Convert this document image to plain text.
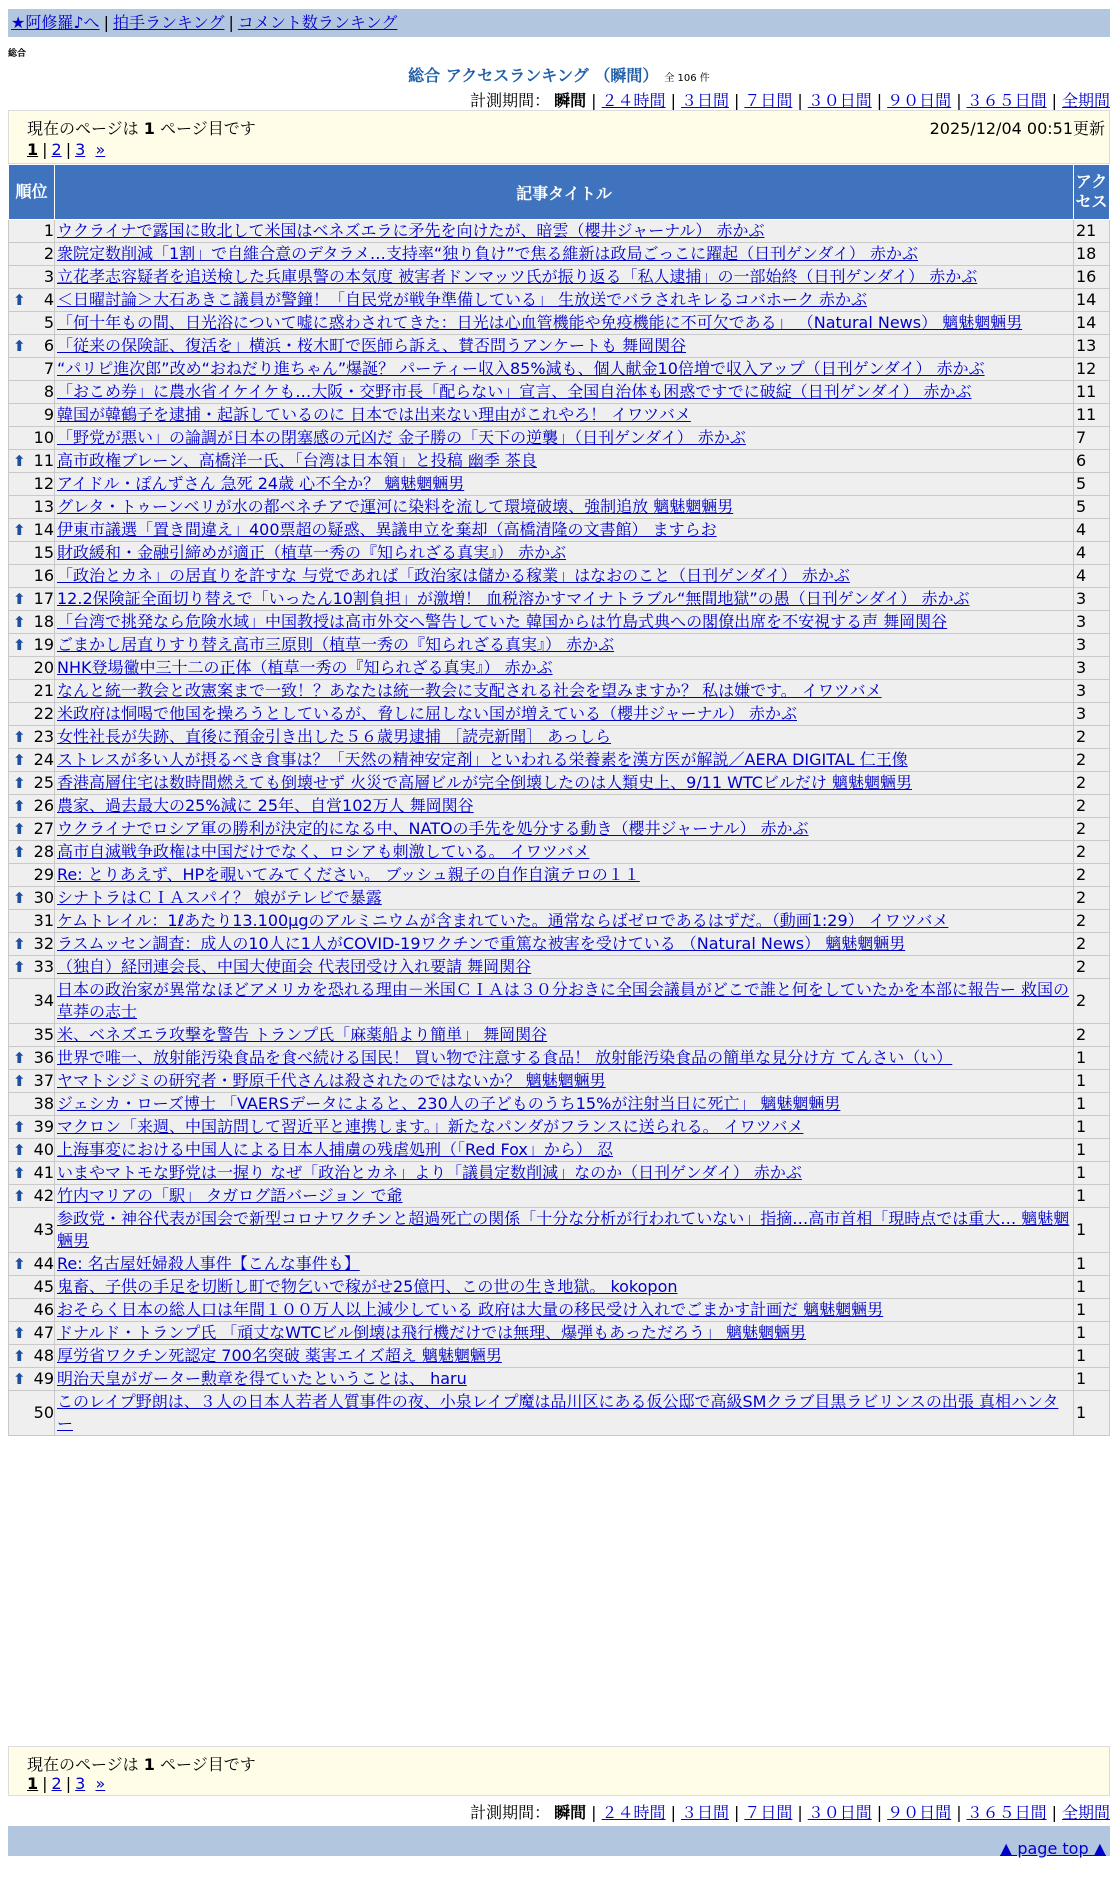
★阿修羅♪へ | 拍手ランキング | コメント数ランキング
総合
総合 アクセスランキング （瞬間） 全 106 件
計測期間： 瞬間 | ２４時間 | ３日間 | ７日間 | ３０日間 | ９０日間 | ３６５日間 | 全期間
現在のページは 1 ページ目です	2025/12/04 00:51更新
1 | 2 | 3 »
順位	記事タイトル	アクセス
1	ウクライナで露国に敗北して米国はベネズエラに矛先を向けたが、暗雲（櫻井ジャーナル） 赤かぶ	21
2	衆院定数削減「1割」で自維合意のデタラメ…支持率“独り負け”で焦る維新は政局ごっこに躍起（日刊ゲンダイ） 赤かぶ	18
3	立花孝志容疑者を追送検した兵庫県警の本気度 被害者ドンマッツ氏が振り返る「私人逮捕」の一部始終（日刊ゲンダイ） 赤かぶ	16

⬆ 4	＜日曜討論＞大石あきこ議員が警鐘！「自民党が戦争準備している」 生放送でバラされキレるコバホーク 赤かぶ	14
5	「何十年もの間、日光浴について嘘に惑わされてきた：日光は心血管機能や免疫機能に不可欠である」 （Natural News） 魑魅魍魎男	14

⬆ 6	「従来の保険証、復活を」横浜・桜木町で医師ら訴え、賛否問うアンケートも 舞岡関谷	13
7	“パリピ進次郎”改め“おねだり進ちゃん”爆誕？ パーティー収入85%減も、個人献金10倍増で収入アップ（日刊ゲンダイ） 赤かぶ	12
8	「おこめ券」に農水省イケイケも…大阪・交野市長「配らない」宣言、全国自治体も困惑ですでに破綻（日刊ゲンダイ） 赤かぶ	11
9	韓国が韓鶴子を逮捕・起訴しているのに 日本では出来ない理由がこれやろ！ イワツバメ	11
10	「野党が悪い」の論調が日本の閉塞感の元凶だ 金子勝の「天下の逆襲」（日刊ゲンダイ） 赤かぶ	7

⬆ 11	高市政権ブレーン、高橋洋一氏、「台湾は日本領」と投稿 幽季 茶良	6
12	アイドル・ぽんずさん 急死 24歳 心不全か？ 魑魅魍魎男	5
13	グレタ・トゥーンベリが水の都ベネチアで運河に染料を流して環境破壊、強制追放 魑魅魍魎男	5

⬆ 14	伊東市議選「置き間違え」400票超の疑惑、異議申立を棄却（高橋清隆の文書館） ますらお	4
15	財政緩和・金融引締めが適正（植草一秀の『知られざる真実』） 赤かぶ	4
16	「政治とカネ」の居直りを許すな 与党であれば「政治家は儲かる稼業」はなおのこと（日刊ゲンダイ） 赤かぶ	4

⬆ 17	12.2保険証全面切り替えで「いったん10割負担」が激増！ 血税溶かすマイナトラブル“無間地獄”の愚（日刊ゲンダイ） 赤かぶ	3

⬆ 18	「台湾で挑発なら危険水域」中国教授は高市外交へ警告していた 韓国からは竹島式典への閣僚出席を不安視する声 舞岡関谷	3

⬆ 19	ごまかし居直りすり替え高市三原則（植草一秀の『知られざる真実』） 赤かぶ	3
20	NHK登場黴中三十二の正体（植草一秀の『知られざる真実』） 赤かぶ	3
21	なんと統一教会と改憲案まで一致！？あなたは統一教会に支配される社会を望みますか？ 私は嫌です。 イワツバメ	3
22	米政府は恫喝で他国を操ろうとしているが、脅しに屈しない国が増えている（櫻井ジャーナル） 赤かぶ	3

⬆ 23	女性社長が失跡、直後に預金引き出した５６歳男逮捕 ［読売新聞］ あっしら	2

⬆ 24	ストレスが多い人が摂るべき食事は？「天然の精神安定剤」といわれる栄養素を漢方医が解説／AERA DIGITAL 仁王像	2

⬆ 25	香港高層住宅は数時間燃えても倒壊せず 火災で高層ビルが完全倒壊したのは人類史上、9/11 WTCビルだけ 魑魅魍魎男	2

⬆ 26	農家、過去最大の25%減に 25年、自営102万人 舞岡関谷	2

⬆ 27	ウクライナでロシア軍の勝利が決定的になる中、NATOの手先を処分する動き（櫻井ジャーナル） 赤かぶ	2

⬆ 28	高市自滅戦争政権は中国だけでなく、ロシアも刺激している。 イワツバメ	2
29	Re: とりあえず、HPを覗いてみてください。 ブッシュ親子の自作自演テロの１１	2

⬆ 30	シナトラはＣＩＡスパイ？ 娘がテレビで暴露	2
31	ケムトレイル：1ℓあたり13.100μgのアルミニウムが含まれていた。通常ならばゼロであるはずだ。（動画1:29） イワツバメ	2

⬆ 32	ラスムッセン調査：成人の10人に1人がCOVID-19ワクチンで重篤な被害を受けている （Natural News） 魑魅魍魎男	2

⬆ 33	（独自）経団連会長、中国大使面会 代表団受け入れ要請 舞岡関谷	2
34	日本の政治家が異常なほどアメリカを恐れる理由－米国ＣＩＡは３０分おきに全国会議員がどこで誰と何をしていたかを本部に報告ー 救国の草莽の志士	2
35	米、ベネズエラ攻撃を警告 トランプ氏「麻薬船より簡単」 舞岡関谷	2

⬆ 36	世界で唯一、放射能汚染食品を食べ続ける国民！ 買い物で注意する食品！ 放射能汚染食品の簡単な見分け方 てんさい（い）	1

⬆ 37	ヤマトシジミの研究者・野原千代さんは殺されたのではないか？ 魑魅魍魎男	1
38	ジェシカ・ローズ博士 「VAERSデータによると、230人の子どものうち15%が注射当日に死亡」 魑魅魍魎男	1

⬆ 39	マクロン「来週、中国訪問して習近平と連携します。」新たなパンダがフランスに送られる。 イワツバメ	1

⬆ 40	上海事変における中国人による日本人捕虜の残虐処刑（「Red Fox」から） 忍	1

⬆ 41	いまやマトモな野党は一握り なぜ「政治とカネ」より「議員定数削減」なのか（日刊ゲンダイ） 赤かぶ	1

⬆ 42	竹内マリアの「駅」 タガログ語バージョン で爺	1
43	参政党・神谷代表が国会で新型コロナワクチンと超過死亡の関係「十分な分析が行われていない」指摘…高市首相「現時点では重大… 魑魅魍魎男	1

⬆ 44	Re: 名古屋妊婦殺人事件【こんな事件も】	1
45	鬼畜、子供の手足を切断し町で物乞いで稼がせ25億円、この世の生き地獄。 kokopon	1
46	おそらく日本の総人口は年間１００万人以上減少している 政府は大量の移民受け入れでごまかす計画だ 魑魅魍魎男	1

⬆ 47	ドナルド・トランプ氏 「頑丈なWTCビル倒壊は飛行機だけでは無理、爆弾もあっただろう」 魑魅魍魎男	1

⬆ 48	厚労省ワクチン死認定 700名突破 薬害エイズ超え 魑魅魍魎男	1

⬆ 49	明治天皇がガーター勲章を得ていたということは、 haru	1
50	このレイプ野朗は、３人の日本人若者人質事件の夜、小泉レイプ魔は品川区にある仮公邸で高級SMクラブ目黒ラビリンスの出張 真相ハンター	1
現在のページは 1 ページ目です
1 | 2 | 3 »
計測期間： 瞬間 | ２４時間 | ３日間 | ７日間 | ３０日間 | ９０日間 | ３６５日間 | 全期間
▲ page top ▲
